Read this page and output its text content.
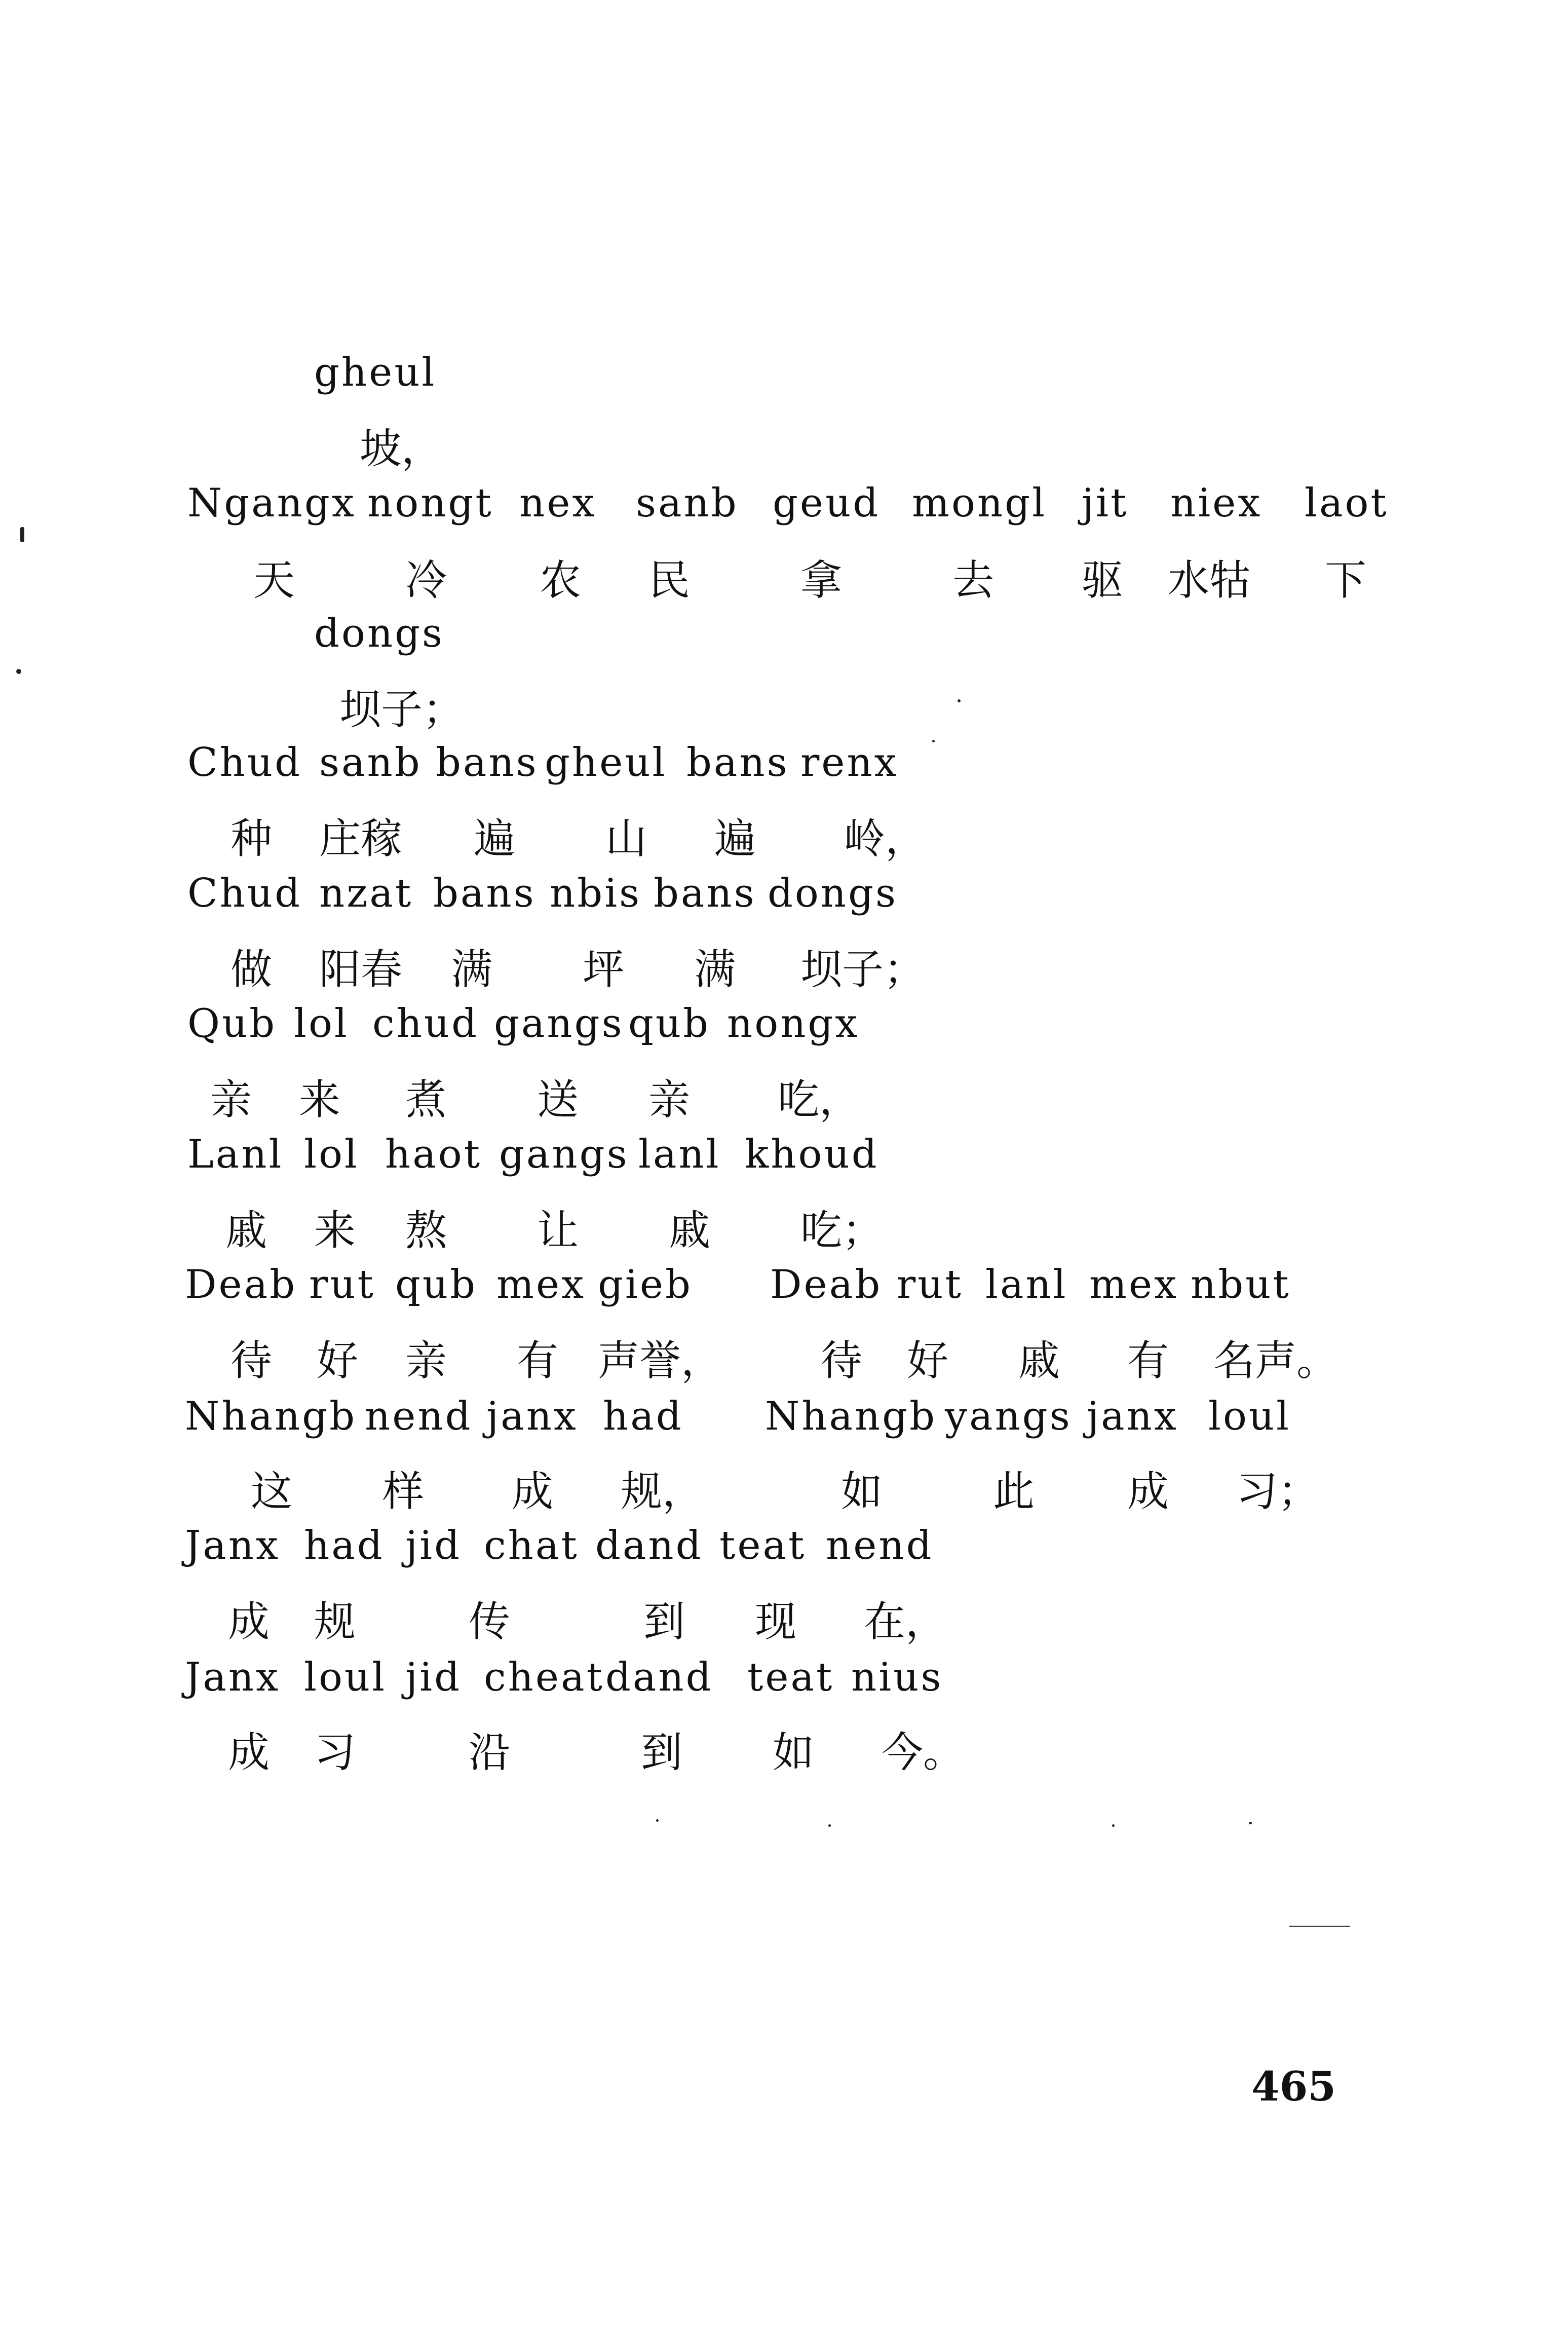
gheul
坡，
Ngangx nongt nex sanb geud mongl jit niex laot
天	冷 农 民	拿	去 驱 水牯 下
dongs
坝子；
Chud sanb bans gheul bans renx
种 庄稼 遍 山 遍 岭，
Chud nzat bans nbis bans dongs
做 阳春 满 坪 满 坝子；
Qub lol chud gangs qub nongx
亲 来 煮 送 亲 吃，
Lanl lol haot gangs lanl khoud
戚 来 熬 让 戚 吃；
Deab rut qub mex gieb Deab rut lanl mex nbut
待 好 亲 有 声誉， 待 好 戚 有 名声。
Nhangb nend janx had Nhangb yangs janx loul
这 样 成 规，	如	此 成 习；
Janx had jid chat dand teat nend
成 规	传	到 现 在，
Janx loul jid cheat dand teat nius
成 习	沿	到 如 今。
465
